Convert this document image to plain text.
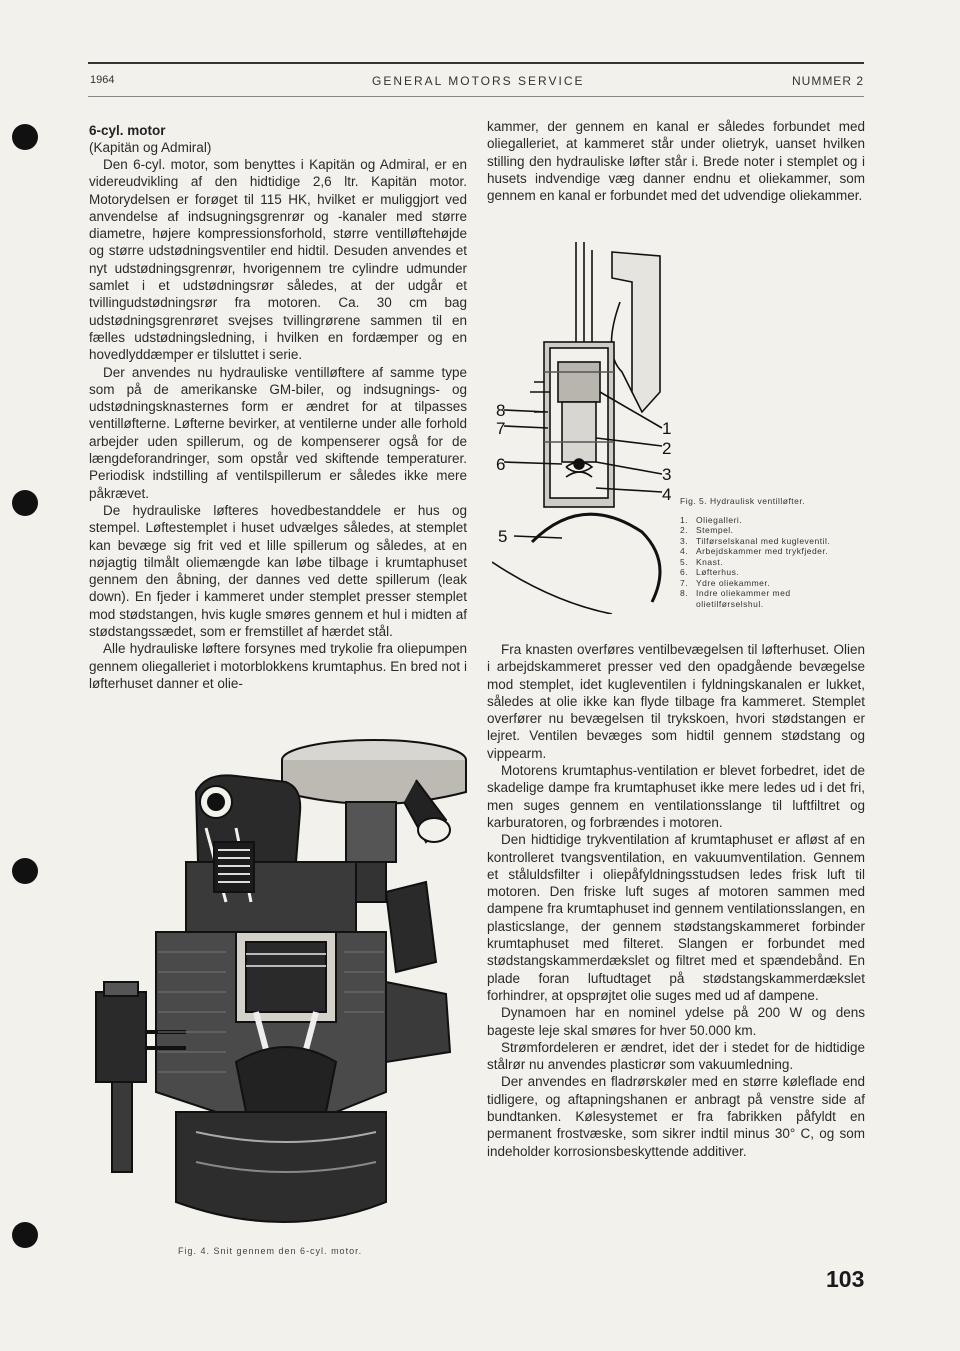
1964	GENERAL MOTORS SERVICE	NUMMER 2
6-cyl. motor
(Kapitän og Admiral)

Den 6-cyl. motor, som benyttes i Kapitän og Admiral, er en videreudvikling af den hidtidige 2,6 ltr. Kapitän motor. Motorydelsen er forøget til 115 HK, hvilket er muliggjort ved anvendelse af indsugningsgrenrør og -kanaler med større diametre, højere kompressionsforhold, større ventilløftehøjde og større udstødningsventiler end hidtil. Desuden anvendes et nyt udstødningsgrenrør, hvorigennem tre cylindre udmunder samlet i et udstødningsrør således, at der udgår et tvillingudstødningsrør fra motoren. Ca. 30 cm bag udstødningsgrenrøret svejses tvillingrørene sammen til en fælles udstødningsledning, i hvilken en fordæmper og en hovedlyddæmper er tilsluttet i serie.

Der anvendes nu hydrauliske ventilløftere af samme type som på de amerikanske GM-biler, og indsugnings- og udstødningsknasternes form er ændret for at tilpasses ventilløfterne. Løfterne bevirker, at ventilerne under alle forhold arbejder uden spillerum, og de kompenserer også for de længdeforandringer, som opstår ved skiftende temperaturer. Periodisk indstilling af ventilspillerum er således ikke mere påkrævet.

De hydrauliske løfteres hovedbestanddele er hus og stempel. Løftestemplet i huset udvælges således, at stemplet kan bevæge sig frit ved et lille spillerum og således, at en nøjagtig tilmålt oliemængde kan løbe tilbage i krumtaphuset gennem den åbning, der dannes ved dette spillerum (leak down). En fjeder i kammeret under stemplet presser stemplet mod stødstangen, hvis kugle smøres gennem et hul i midten af stødstangssædet, som er fremstillet af hærdet stål.

Alle hydrauliske løftere forsynes med trykolie fra oliepumpen gennem oliegalleriet i motorblokkens krumtaphus. En bred not i løfterhuset danner et olie-

Fig. 4. Snit gennem den 6-cyl. motor.

kammer, der gennem en kanal er således forbundet med oliegalleriet, at kammeret står under olietryk, uanset hvilken stilling den hydrauliske løfter står i. Brede noter i stemplet og i husets indvendige væg danner endnu et oliekammer, som gennem en kanal er forbundet med det udvendige oliekammer.

1
2
3
4
5
6
7
8
Fig. 5. Hydraulisk ventilløfter.
1. Oliegalleri.
2. Stempel.
3. Tilførselskanal med kugleventil.
4. Arbejdskammer med trykfjeder.
5. Knast.
6. Løfterhus.
7. Ydre oliekammer.
8. Indre oliekammer med olietilførselshul.

Fra knasten overføres ventilbevægelsen til løfterhuset. Olien i arbejdskammeret presser ved den opadgående bevægelse mod stemplet, idet kugleventilen i fyldningskanalen er lukket, således at olie ikke kan flyde tilbage fra kammeret. Stemplet overfører nu bevægelsen til trykskoen, hvori stødstangen er lejret. Ventilen bevæges som hidtil gennem stødstang og vippearm.

Motorens krumtaphus-ventilation er blevet forbedret, idet de skadelige dampe fra krumtaphuset ikke mere ledes ud i det fri, men suges gennem en ventilationsslange til luftfiltret og karburatoren, og forbrændes i motoren.

Den hidtidige trykventilation af krumtaphuset er afløst af en kontrolleret tvangsventilation, en vakuumventilation. Gennem et ståluldsfilter i oliepåfyldningsstudsen ledes frisk luft til motoren. Den friske luft suges af motoren sammen med dampene fra krumtaphuset ind gennem ventilationsslangen, en plasticslange, der gennem stødstangskammeret forbinder krumtaphuset med filteret. Slangen er forbundet med stødstangskammerdækslet og filtret med et spændebånd. En plade foran luftudtaget på stødstangskammerdækslet forhindrer, at opsprøjtet olie suges med ud af dampene.

Dynamoen har en nominel ydelse på 200 W og dens bageste leje skal smøres for hver 50.000 km.

Strømfordeleren er ændret, idet der i stedet for de hidtidige stålrør nu anvendes plasticrør som vakuumledning.

Der anvendes en fladrørskøler med en større køleflade end tidligere, og aftapningshanen er anbragt på venstre side af bundtanken. Kølesystemet er fra fabrikken påfyldt en permanent frostvæske, som sikrer indtil minus 30° C, og som indeholder korrosionsbeskyttende additiver.

103
